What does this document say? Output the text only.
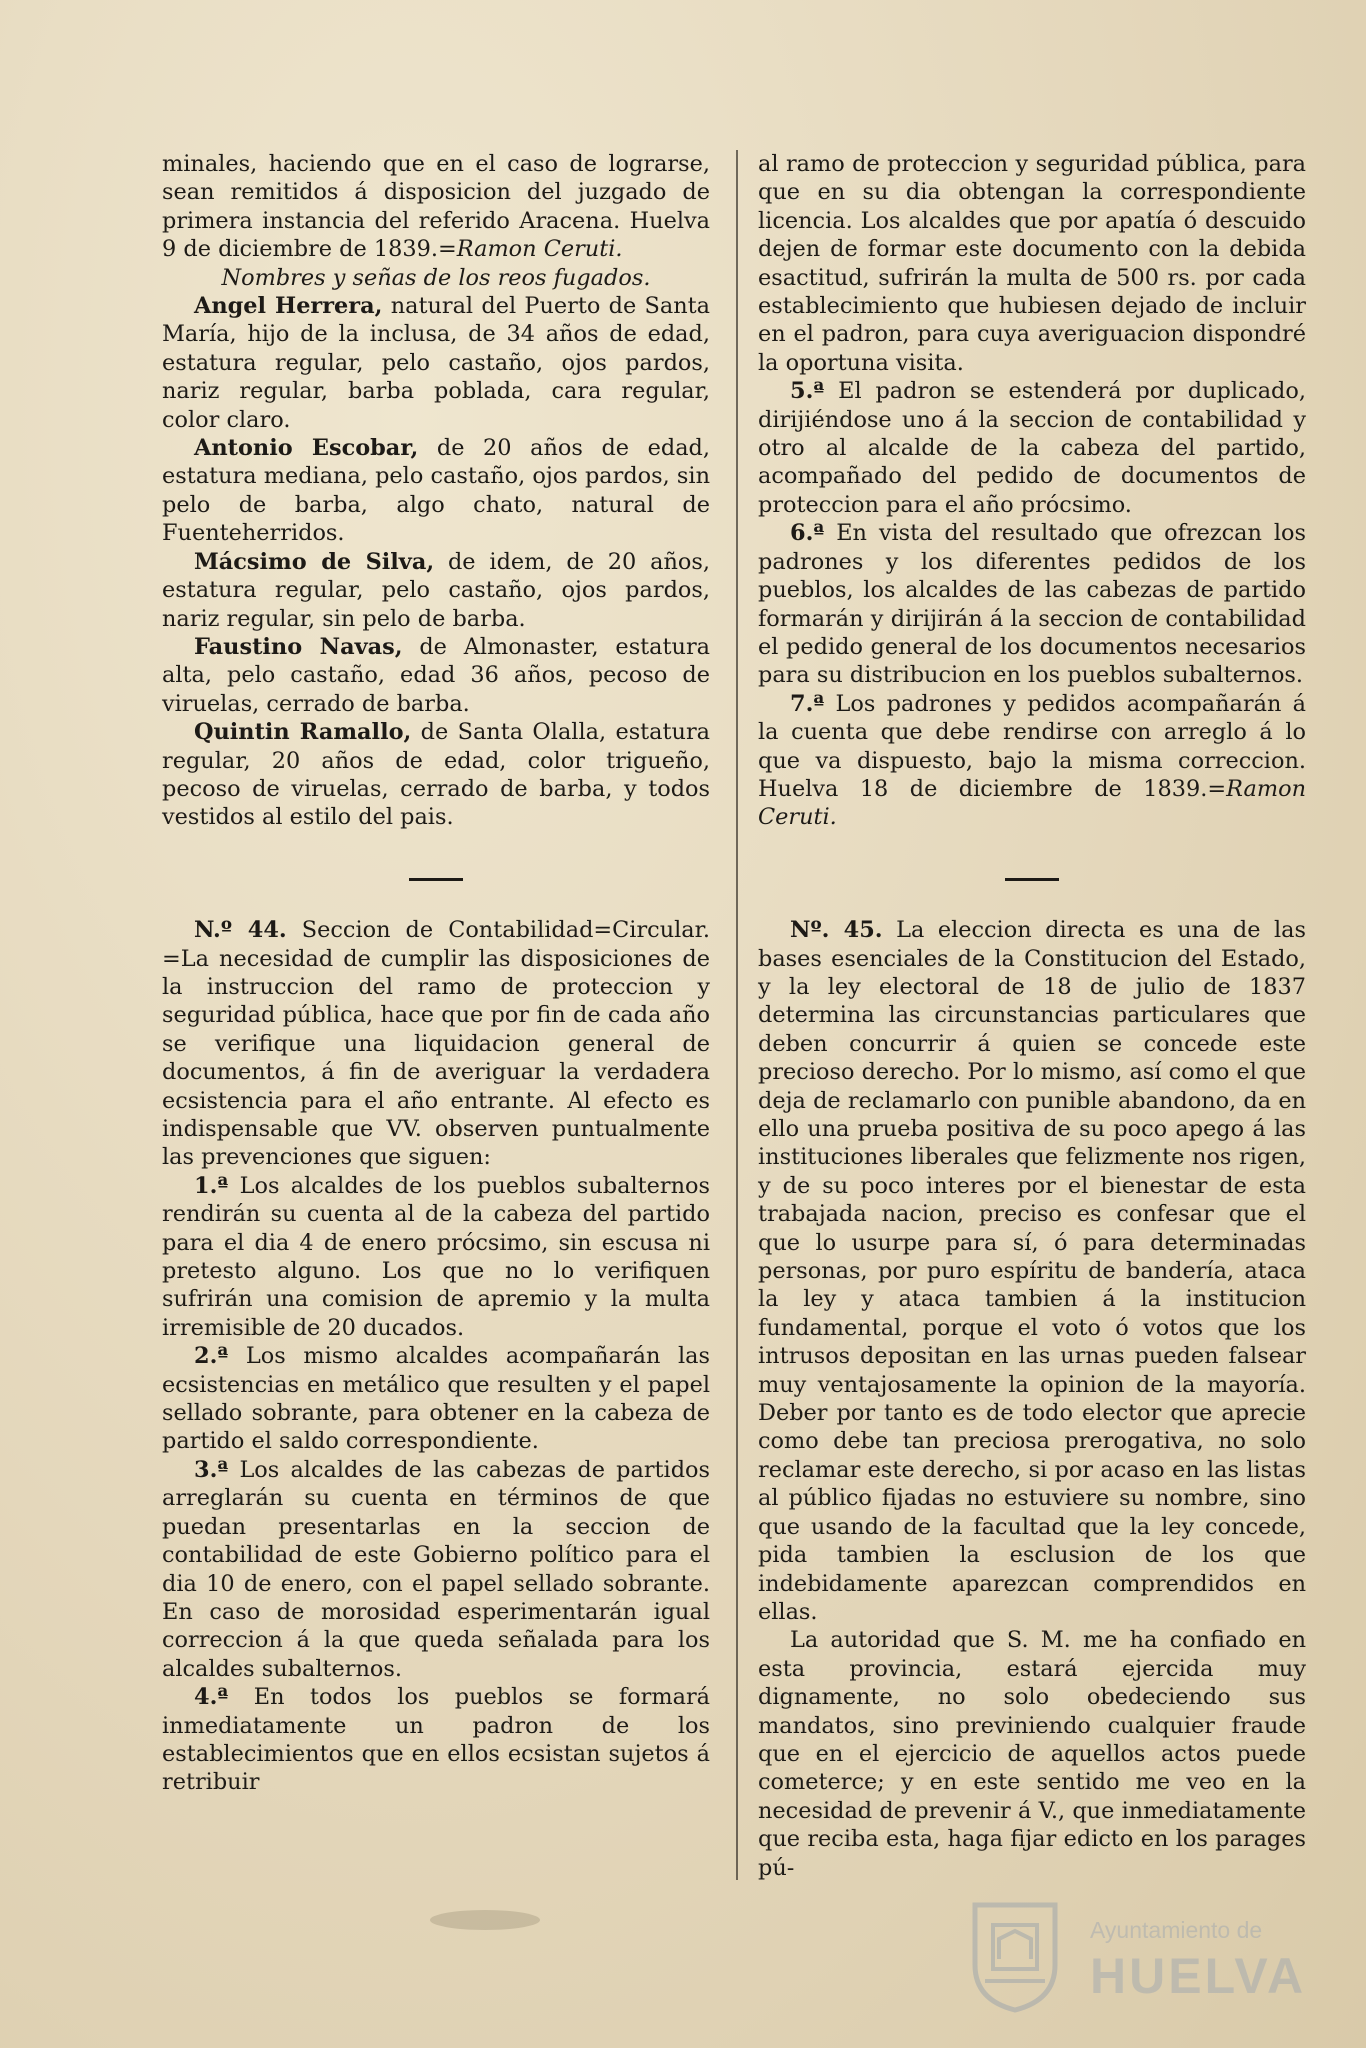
minales, haciendo que en el caso de lograrse, sean remitidos á disposicion del juzgado de primera instancia del referido Aracena. Huelva 9 de diciembre de 1839.=Ramon Ceruti.

Nombres y señas de los reos fugados.

Angel Herrera, natural del Puerto de Santa María, hijo de la inclusa, de 34 años de edad, estatura regular, pelo castaño, ojos pardos, nariz regular, barba poblada, cara regular, color claro.

Antonio Escobar, de 20 años de edad, estatura mediana, pelo castaño, ojos pardos, sin pelo de barba, algo chato, natural de Fuenteherridos.

Mácsimo de Silva, de idem, de 20 años, estatura regular, pelo castaño, ojos pardos, nariz regular, sin pelo de barba.

Faustino Navas, de Almonaster, estatura alta, pelo castaño, edad 36 años, pecoso de viruelas, cerrado de barba.

Quintin Ramallo, de Santa Olalla, estatura regular, 20 años de edad, color trigueño, pecoso de viruelas, cerrado de barba, y todos vestidos al estilo del pais.

N.º 44. Seccion de Contabilidad=Circular. =La necesidad de cumplir las disposiciones de la instruccion del ramo de proteccion y seguridad pública, hace que por fin de cada año se verifique una liquidacion general de documentos, á fin de averiguar la verdadera ecsistencia para el año entrante. Al efecto es indispensable que VV. observen puntualmente las prevenciones que siguen:

1.ª Los alcaldes de los pueblos subalternos rendirán su cuenta al de la cabeza del partido para el dia 4 de enero prócsimo, sin escusa ni pretesto alguno. Los que no lo verifiquen sufrirán una comision de apremio y la multa irremisible de 20 ducados.

2.ª Los mismo alcaldes acompañarán las ecsistencias en metálico que resulten y el papel sellado sobrante, para obtener en la cabeza de partido el saldo correspondiente.

3.ª Los alcaldes de las cabezas de partidos arreglarán su cuenta en términos de que puedan presentarlas en la seccion de contabilidad de este Gobierno político para el dia 10 de enero, con el papel sellado sobrante. En caso de morosidad esperimentarán igual correccion á la que queda señalada para los alcaldes subalternos.

4.ª En todos los pueblos se formará inmediatamente un padron de los establecimientos que en ellos ecsistan sujetos á retribuir

al ramo de proteccion y seguridad pública, para que en su dia obtengan la correspondiente licencia. Los alcaldes que por apatía ó descuido dejen de formar este documento con la debida esactitud, sufrirán la multa de 500 rs. por cada establecimiento que hubiesen dejado de incluir en el padron, para cuya averiguacion dispondré la oportuna visita.

5.ª El padron se estenderá por duplicado, dirijiéndose uno á la seccion de contabilidad y otro al alcalde de la cabeza del partido, acompañado del pedido de documentos de proteccion para el año prócsimo.

6.ª En vista del resultado que ofrezcan los padrones y los diferentes pedidos de los pueblos, los alcaldes de las cabezas de partido formarán y dirijirán á la seccion de contabilidad el pedido general de los documentos necesarios para su distribucion en los pueblos subalternos.

7.ª Los padrones y pedidos acompañarán á la cuenta que debe rendirse con arreglo á lo que va dispuesto, bajo la misma correccion. Huelva 18 de diciembre de 1839.=Ramon Ceruti.

Nº. 45. La eleccion directa es una de las bases esenciales de la Constitucion del Estado, y la ley electoral de 18 de julio de 1837 determina las circunstancias particulares que deben concurrir á quien se concede este precioso derecho. Por lo mismo, así como el que deja de reclamarlo con punible abandono, da en ello una prueba positiva de su poco apego á las instituciones liberales que felizmente nos rigen, y de su poco interes por el bienestar de esta trabajada nacion, preciso es confesar que el que lo usurpe para sí, ó para determinadas personas, por puro espíritu de bandería, ataca la ley y ataca tambien á la institucion fundamental, porque el voto ó votos que los intrusos depositan en las urnas pueden falsear muy ventajosamente la opinion de la mayoría. Deber por tanto es de todo elector que aprecie como debe tan preciosa prerogativa, no solo reclamar este derecho, si por acaso en las listas al público fijadas no estuviere su nombre, sino que usando de la facultad que la ley concede, pida tambien la esclusion de los que indebidamente aparezcan comprendidos en ellas.

La autoridad que S. M. me ha confiado en esta provincia, estará ejercida muy dignamente, no solo obedeciendo sus mandatos, sino previniendo cualquier fraude que en el ejercicio de aquellos actos puede cometerce; y en este sentido me veo en la necesidad de prevenir á V., que inmediatamente que reciba esta, haga fijar edicto en los parages pú-

Ayuntamiento de
HUELVA
